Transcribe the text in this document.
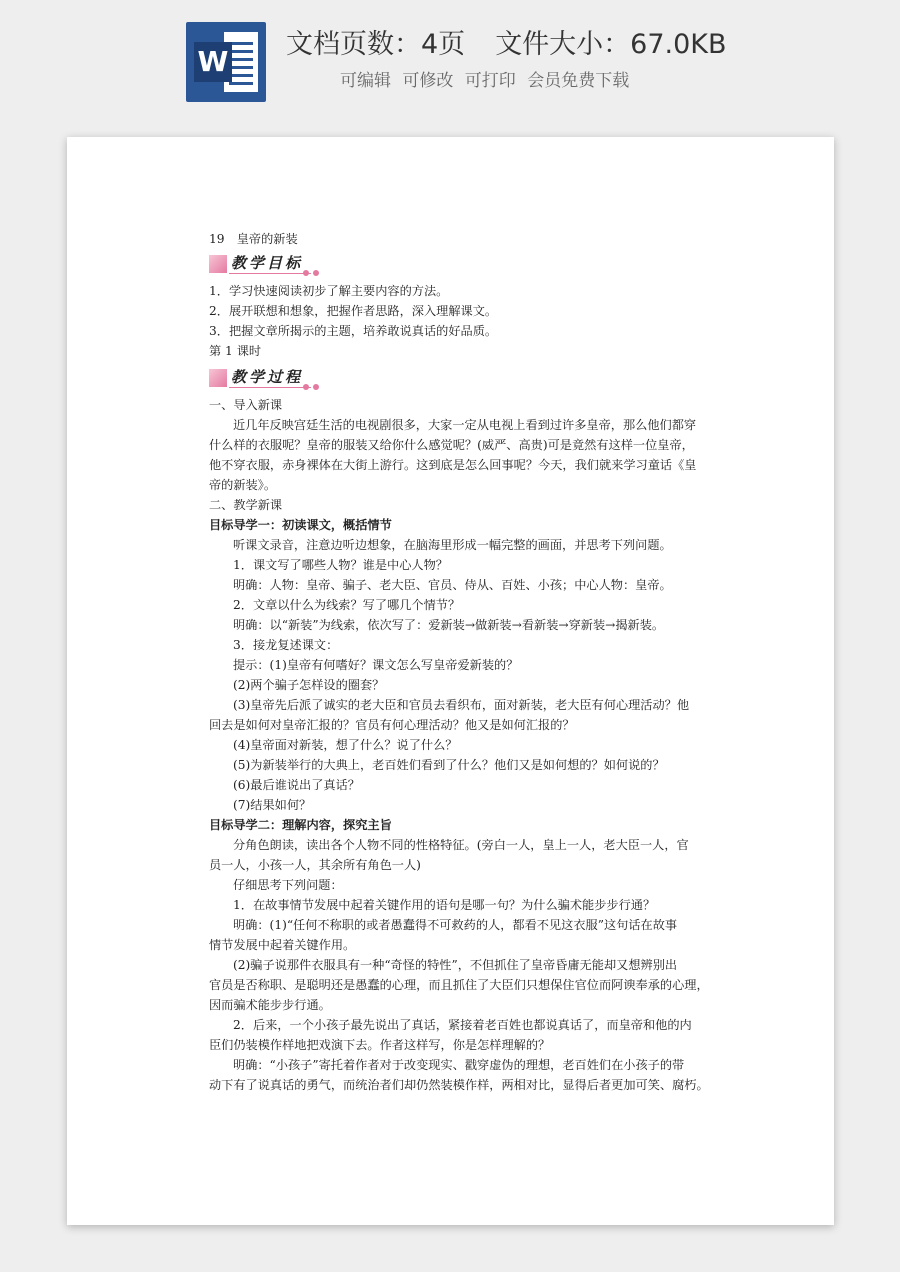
W
文档页数：4页 文件大小：67.0KB
可编辑 可修改 可打印 会员免费下载

19　皇帝的新装

教学目标

1．学习快速阅读初步了解主要内容的方法。

2．展开联想和想象，把握作者思路，深入理解课文。

3．把握文章所揭示的主题，培养敢说真话的好品质。

第 1 课时

教学过程

一、导入新课

近几年反映宫廷生活的电视剧很多，大家一定从电视上看到过许多皇帝，那么他们都穿

什么样的衣服呢？皇帝的服装又给你什么感觉呢？(威严、高贵)可是竟然有这样一位皇帝，

他不穿衣服，赤身裸体在大街上游行。这到底是怎么回事呢？今天，我们就来学习童话《皇

帝的新装》。

二、教学新课

目标导学一：初读课文，概括情节

听课文录音，注意边听边想象，在脑海里形成一幅完整的画面，并思考下列问题。

1．课文写了哪些人物？谁是中心人物？

明确：人物：皇帝、骗子、老大臣、官员、侍从、百姓、小孩；中心人物：皇帝。

2．文章以什么为线索？写了哪几个情节？

明确：以“新装”为线索，依次写了：爱新装→做新装→看新装→穿新装→揭新装。

3．接龙复述课文：

提示：(1)皇帝有何嗜好？课文怎么写皇帝爱新装的？

(2)两个骗子怎样设的圈套？

(3)皇帝先后派了诚实的老大臣和官员去看织布，面对新装，老大臣有何心理活动？他

回去是如何对皇帝汇报的？官员有何心理活动？他又是如何汇报的？

(4)皇帝面对新装，想了什么？说了什么？

(5)为新装举行的大典上，老百姓们看到了什么？他们又是如何想的？如何说的？

(6)最后谁说出了真话？

(7)结果如何？

目标导学二：理解内容，探究主旨

分角色朗读，读出各个人物不同的性格特征。(旁白一人，皇上一人，老大臣一人，官

员一人，小孩一人，其余所有角色一人)

仔细思考下列问题：

1．在故事情节发展中起着关键作用的语句是哪一句？为什么骗术能步步行通？

明确：(1)“任何不称职的或者愚蠢得不可救药的人，都看不见这衣服”这句话在故事

情节发展中起着关键作用。

(2)骗子说那件衣服具有一种“奇怪的特性”，不但抓住了皇帝昏庸无能却又想辨别出

官员是否称职、是聪明还是愚蠢的心理，而且抓住了大臣们只想保住官位而阿谀奉承的心理，

因而骗术能步步行通。

2．后来，一个小孩子最先说出了真话，紧接着老百姓也都说真话了，而皇帝和他的内

臣们仍装模作样地把戏演下去。作者这样写，你是怎样理解的？

明确：“小孩子”寄托着作者对于改变现实、戳穿虚伪的理想，老百姓们在小孩子的带

动下有了说真话的勇气，而统治者们却仍然装模作样，两相对比，显得后者更加可笑、腐朽。
